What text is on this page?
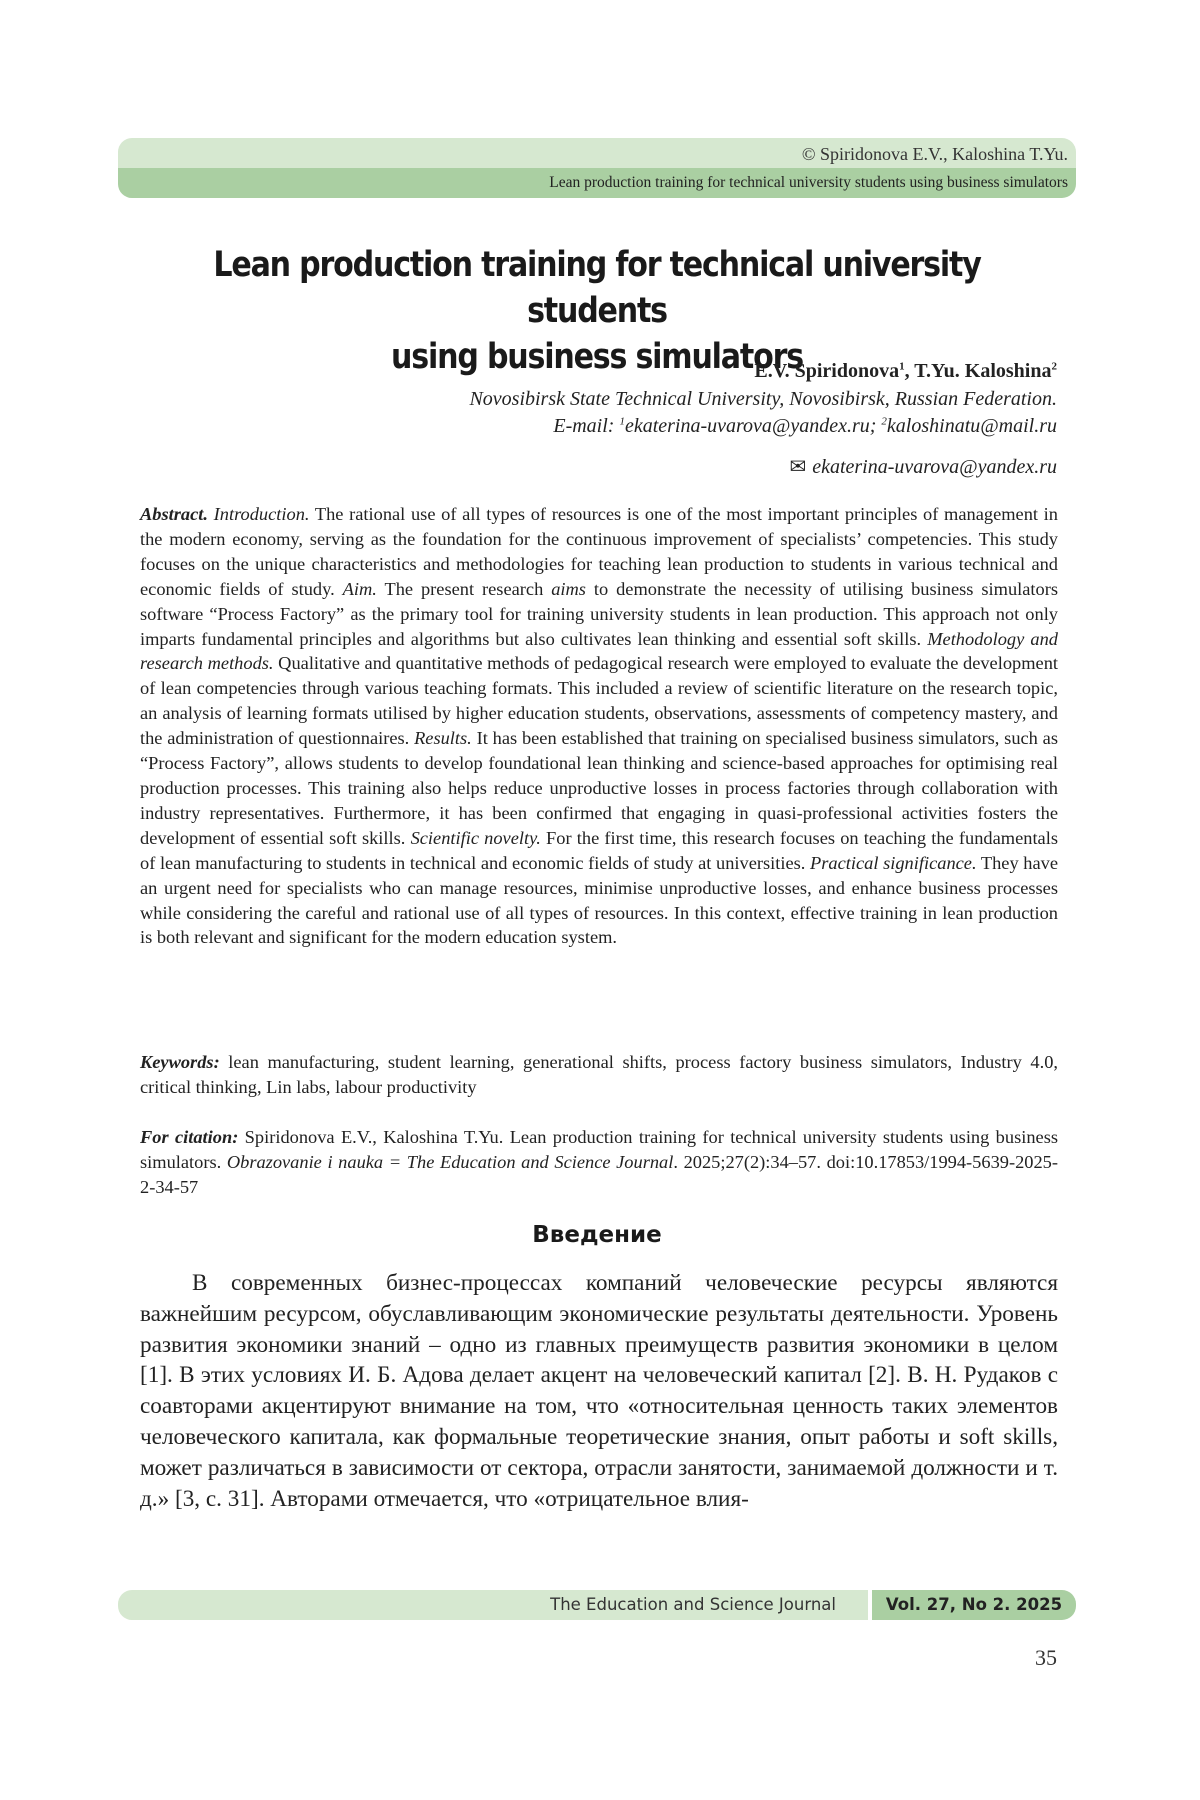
© Spiridonova E.V., Kaloshina T.Yu.
Lean production training for technical university students using business simulators
Lean production training for technical university students
using business simulators
E.V. Spiridonova$^1$, T.Yu. Kaloshina$^2$
Novosibirsk State Technical University, Novosibirsk, Russian Federation.
E-mail: $^1$ekaterina-uvarova@yandex.ru; $^2$kaloshinatu@mail.ru
✉ ekaterina-uvarova@yandex.ru
Abstract. Introduction. The rational use of all types of resources is one of the most important principles of management in the modern economy, serving as the foundation for the continuous improvement of specialists’ competencies. This study focuses on the unique characteristics and methodologies for teaching lean production to students in various technical and economic fields of study. Aim. The present research aims to demonstrate the necessity of utilising business simulators software “Process Factory” as the primary tool for training university students in lean production. This approach not only imparts fundamental principles and algorithms but also cultivates lean thinking and essential soft skills. Methodology and research methods. Qualitative and quantitative methods of pedagogical research were employed to evaluate the development of lean competencies through various teaching formats. This included a review of scientific literature on the research topic, an analysis of learning formats utilised by higher education students, observations, assessments of competency mastery, and the administration of questionnaires. Results. It has been established that training on specialised business simulators, such as “Process Factory”, allows students to develop foundational lean thinking and science-based approaches for optimising real production processes. This training also helps reduce unproductive losses in process factories through collaboration with industry representatives. Furthermore, it has been confirmed that engaging in quasi-professional activities fosters the development of essential soft skills. Scientific novelty. For the first time, this research focuses on teaching the fundamentals of lean manufacturing to students in technical and economic fields of study at universities. Practical significance. They have an urgent need for specialists who can manage resources, minimise unproductive losses, and enhance business processes while considering the careful and rational use of all types of resources. In this context, effective training in lean production is both relevant and significant for the modern education system.
Keywords: lean manufacturing, student learning, generational shifts, process factory business simulators, Industry 4.0, critical thinking, Lin labs, labour productivity
For citation: Spiridonova E.V., Kaloshina T.Yu. Lean production training for technical university students using business simulators. Obrazovanie i nauka = The Education and Science Journal. 2025;27(2):34–57. doi:10.17853/1994-5639-2025-2-34-57
Введение
В современных бизнес-процессах компаний человеческие ресурсы являются важнейшим ресурсом, обуславливающим экономические результаты деятельности. Уровень развития экономики знаний – одно из главных преимуществ развития экономики в целом [1]. В этих условиях И. Б. Адова делает акцент на человеческий капитал [2]. В. Н. Рудаков с соавторами акцентируют внимание на том, что «относительная ценность таких элементов человеческого капитала, как формальные теоретические знания, опыт работы и soft skills, может различаться в зависимости от сектора, отрасли занятости, занимаемой должности и т. д.» [3, с. 31]. Авторами отмечается, что «отрицательное влия-
The Education and Science Journal	Vol. 27, No 2. 2025
35
